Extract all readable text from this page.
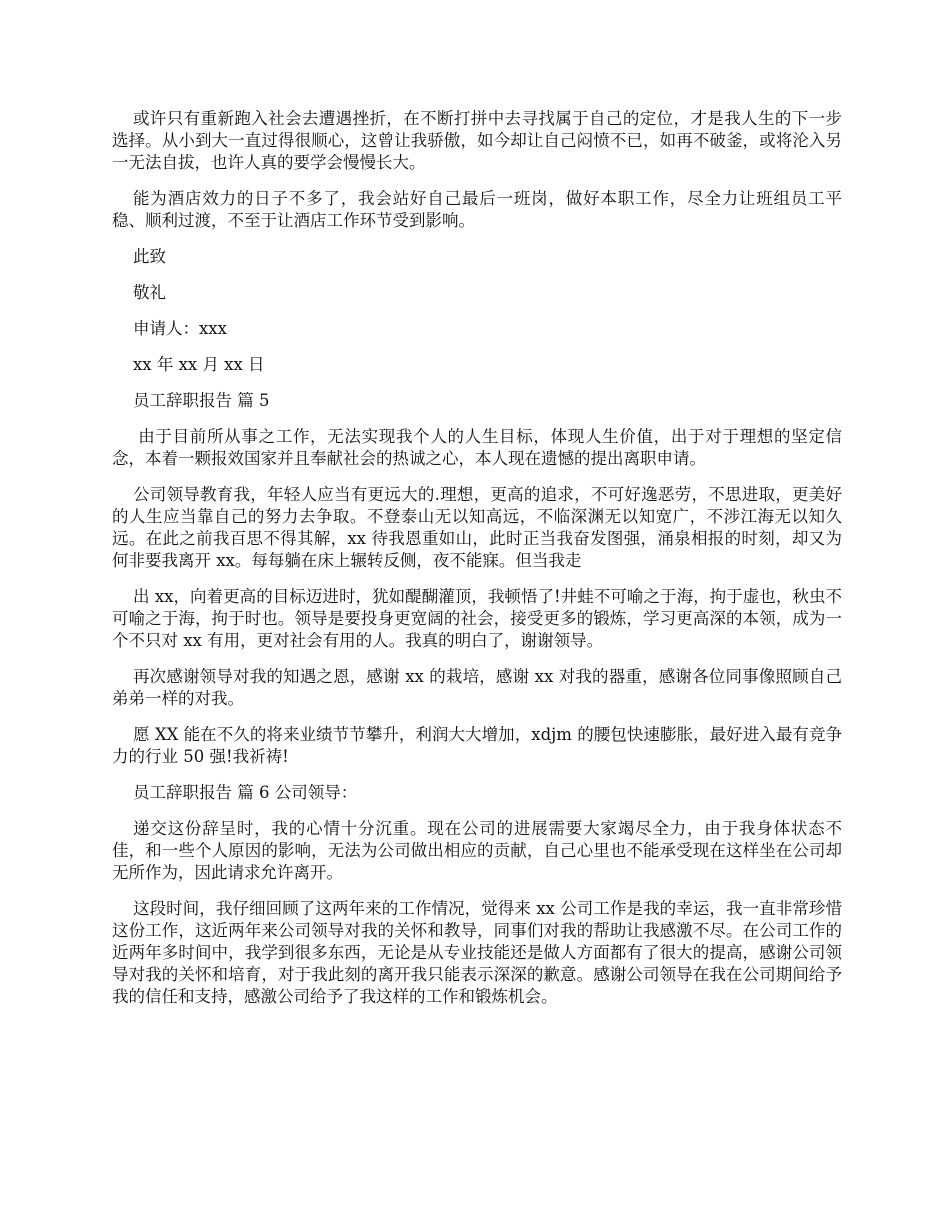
或许只有重新跑入社会去遭遇挫折，在不断打拼中去寻找属于自己的定位，才是我人生的下一步选择。从小到大一直过得很顺心，这曾让我骄傲，如今却让自己闷愤不已，如再不破釜，或将沦入另一无法自拔，也许人真的要学会慢慢长大。

能为酒店效力的日子不多了，我会站好自己最后一班岗，做好本职工作，尽全力让班组员工平稳、顺利过渡，不至于让酒店工作环节受到影响。

此致

敬礼

申请人：xxx

xx 年 xx 月 xx 日

员工辞职报告 篇 5

由于目前所从事之工作，无法实现我个人的人生目标，体现人生价值，出于对于理想的坚定信念，本着一颗报效国家并且奉献社会的热诚之心，本人现在遗憾的提出离职申请。

公司领导教育我，年轻人应当有更远大的.理想，更高的追求，不可好逸恶劳，不思进取，更美好的人生应当靠自己的努力去争取。不登泰山无以知高远，不临深渊无以知宽广，不涉江海无以知久远。在此之前我百思不得其解，xx 待我恩重如山，此时正当我奋发图强，涌泉相报的时刻，却又为何非要我离开 xx。每每躺在床上辗转反侧，夜不能寐。但当我走

出 xx，向着更高的目标迈进时，犹如醍醐灌顶，我顿悟了!井蛙不可喻之于海，拘于虚也，秋虫不可喻之于海，拘于时也。领导是要投身更宽阔的社会，接受更多的锻炼，学习更高深的本领，成为一个不只对 xx 有用，更对社会有用的人。我真的明白了，谢谢领导。

再次感谢领导对我的知遇之恩，感谢 xx 的栽培，感谢 xx 对我的器重，感谢各位同事像照顾自己弟弟一样的对我。

愿 XX 能在不久的将来业绩节节攀升，利润大大增加，xdjm 的腰包快速膨胀，最好进入最有竞争力的行业 50 强!我祈祷!

员工辞职报告 篇 6 公司领导：

递交这份辞呈时，我的心情十分沉重。现在公司的进展需要大家竭尽全力，由于我身体状态不佳，和一些个人原因的影响，无法为公司做出相应的贡献，自己心里也不能承受现在这样坐在公司却无所作为，因此请求允许离开。

这段时间，我仔细回顾了这两年来的工作情况，觉得来 xx 公司工作是我的幸运，我一直非常珍惜这份工作，这近两年来公司领导对我的关怀和教导，同事们对我的帮助让我感激不尽。在公司工作的近两年多时间中，我学到很多东西，无论是从专业技能还是做人方面都有了很大的提高，感谢公司领导对我的关怀和培育，对于我此刻的离开我只能表示深深的歉意。感谢公司领导在我在公司期间给予我的信任和支持，感激公司给予了我这样的工作和锻炼机会。
